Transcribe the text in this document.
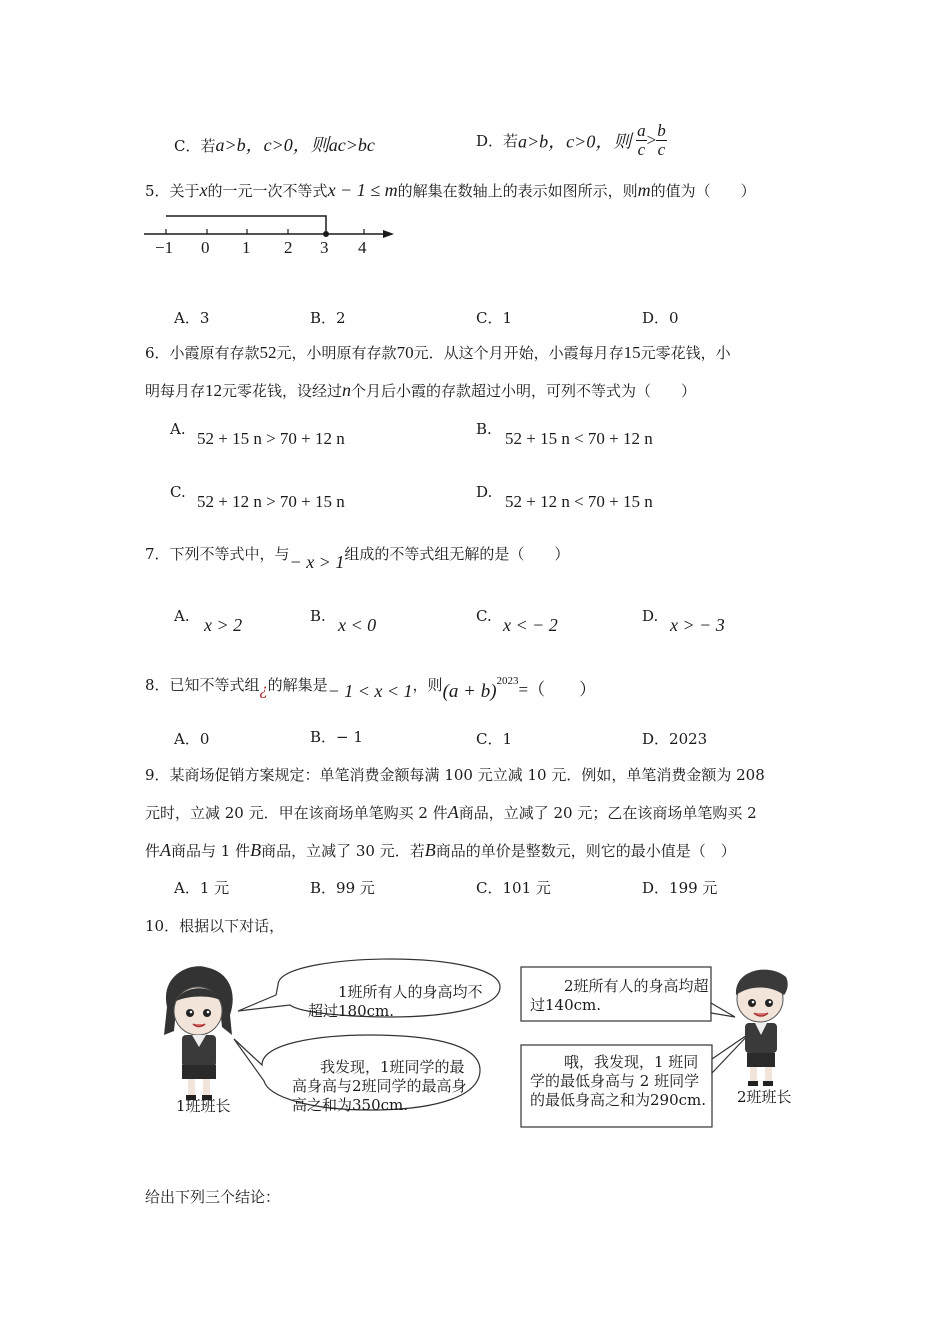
C．若a>b，c>0，则ac>bc	D．若a>b，c>0，则 $\frac{a}{c} > \frac{b}{c}$
5．关于x的一元一次不等式x − 1 ≤ m的解集在数轴上的表示如图所示，则m的值为（　　）
−1 0 1 2 3 4
A．3	B．2	C．1	D．0
6．小霞原有存款52元，小明原有存款70元．从这个月开始，小霞每月存15元零花钱，小
明每月存12元零花钱，设经过n个月后小霞的存款超过小明，可列不等式为（　　）
A. 52 + 15 n > 70 + 12 n	B. 52 + 15 n < 70 + 12 n
C. 52 + 12 n > 70 + 15 n	D. 52 + 12 n < 70 + 15 n
7．下列不等式中，与− x > 1组成的不等式组无解的是（　　）
A. x > 2	B. x < 0	C. x < − 2	D. x > − 3
8．已知不等式组¿的解集是− 1 < x < 1，则$(a + b)^{2023}=$（　　）
A．0	B．− 1	C．1	D．2023
9．某商场促销方案规定：单笔消费金额每满 100 元立减 10 元．例如，单笔消费金额为 208
元时，立减 20 元．甲在该商场单笔购买 2 件A商品，立减了 20 元；乙在该商场单笔购买 2
件A商品与 1 件B商品，立减了 30 元．若B商品的单价是整数元，则它的最小值是（　）
A．1 元	B．99 元	C．101 元	D．199 元
10．根据以下对话，
1班所有人的身高均不超过180cm.
我发现，1班同学的最高身高与2班同学的最高身高之和为350cm.
2班所有人的身高均超过140cm.
哦，我发现，1 班同学的最低身高与 2 班同学的最低身高之和为290cm.
1班班长	2班班长
给出下列三个结论：
